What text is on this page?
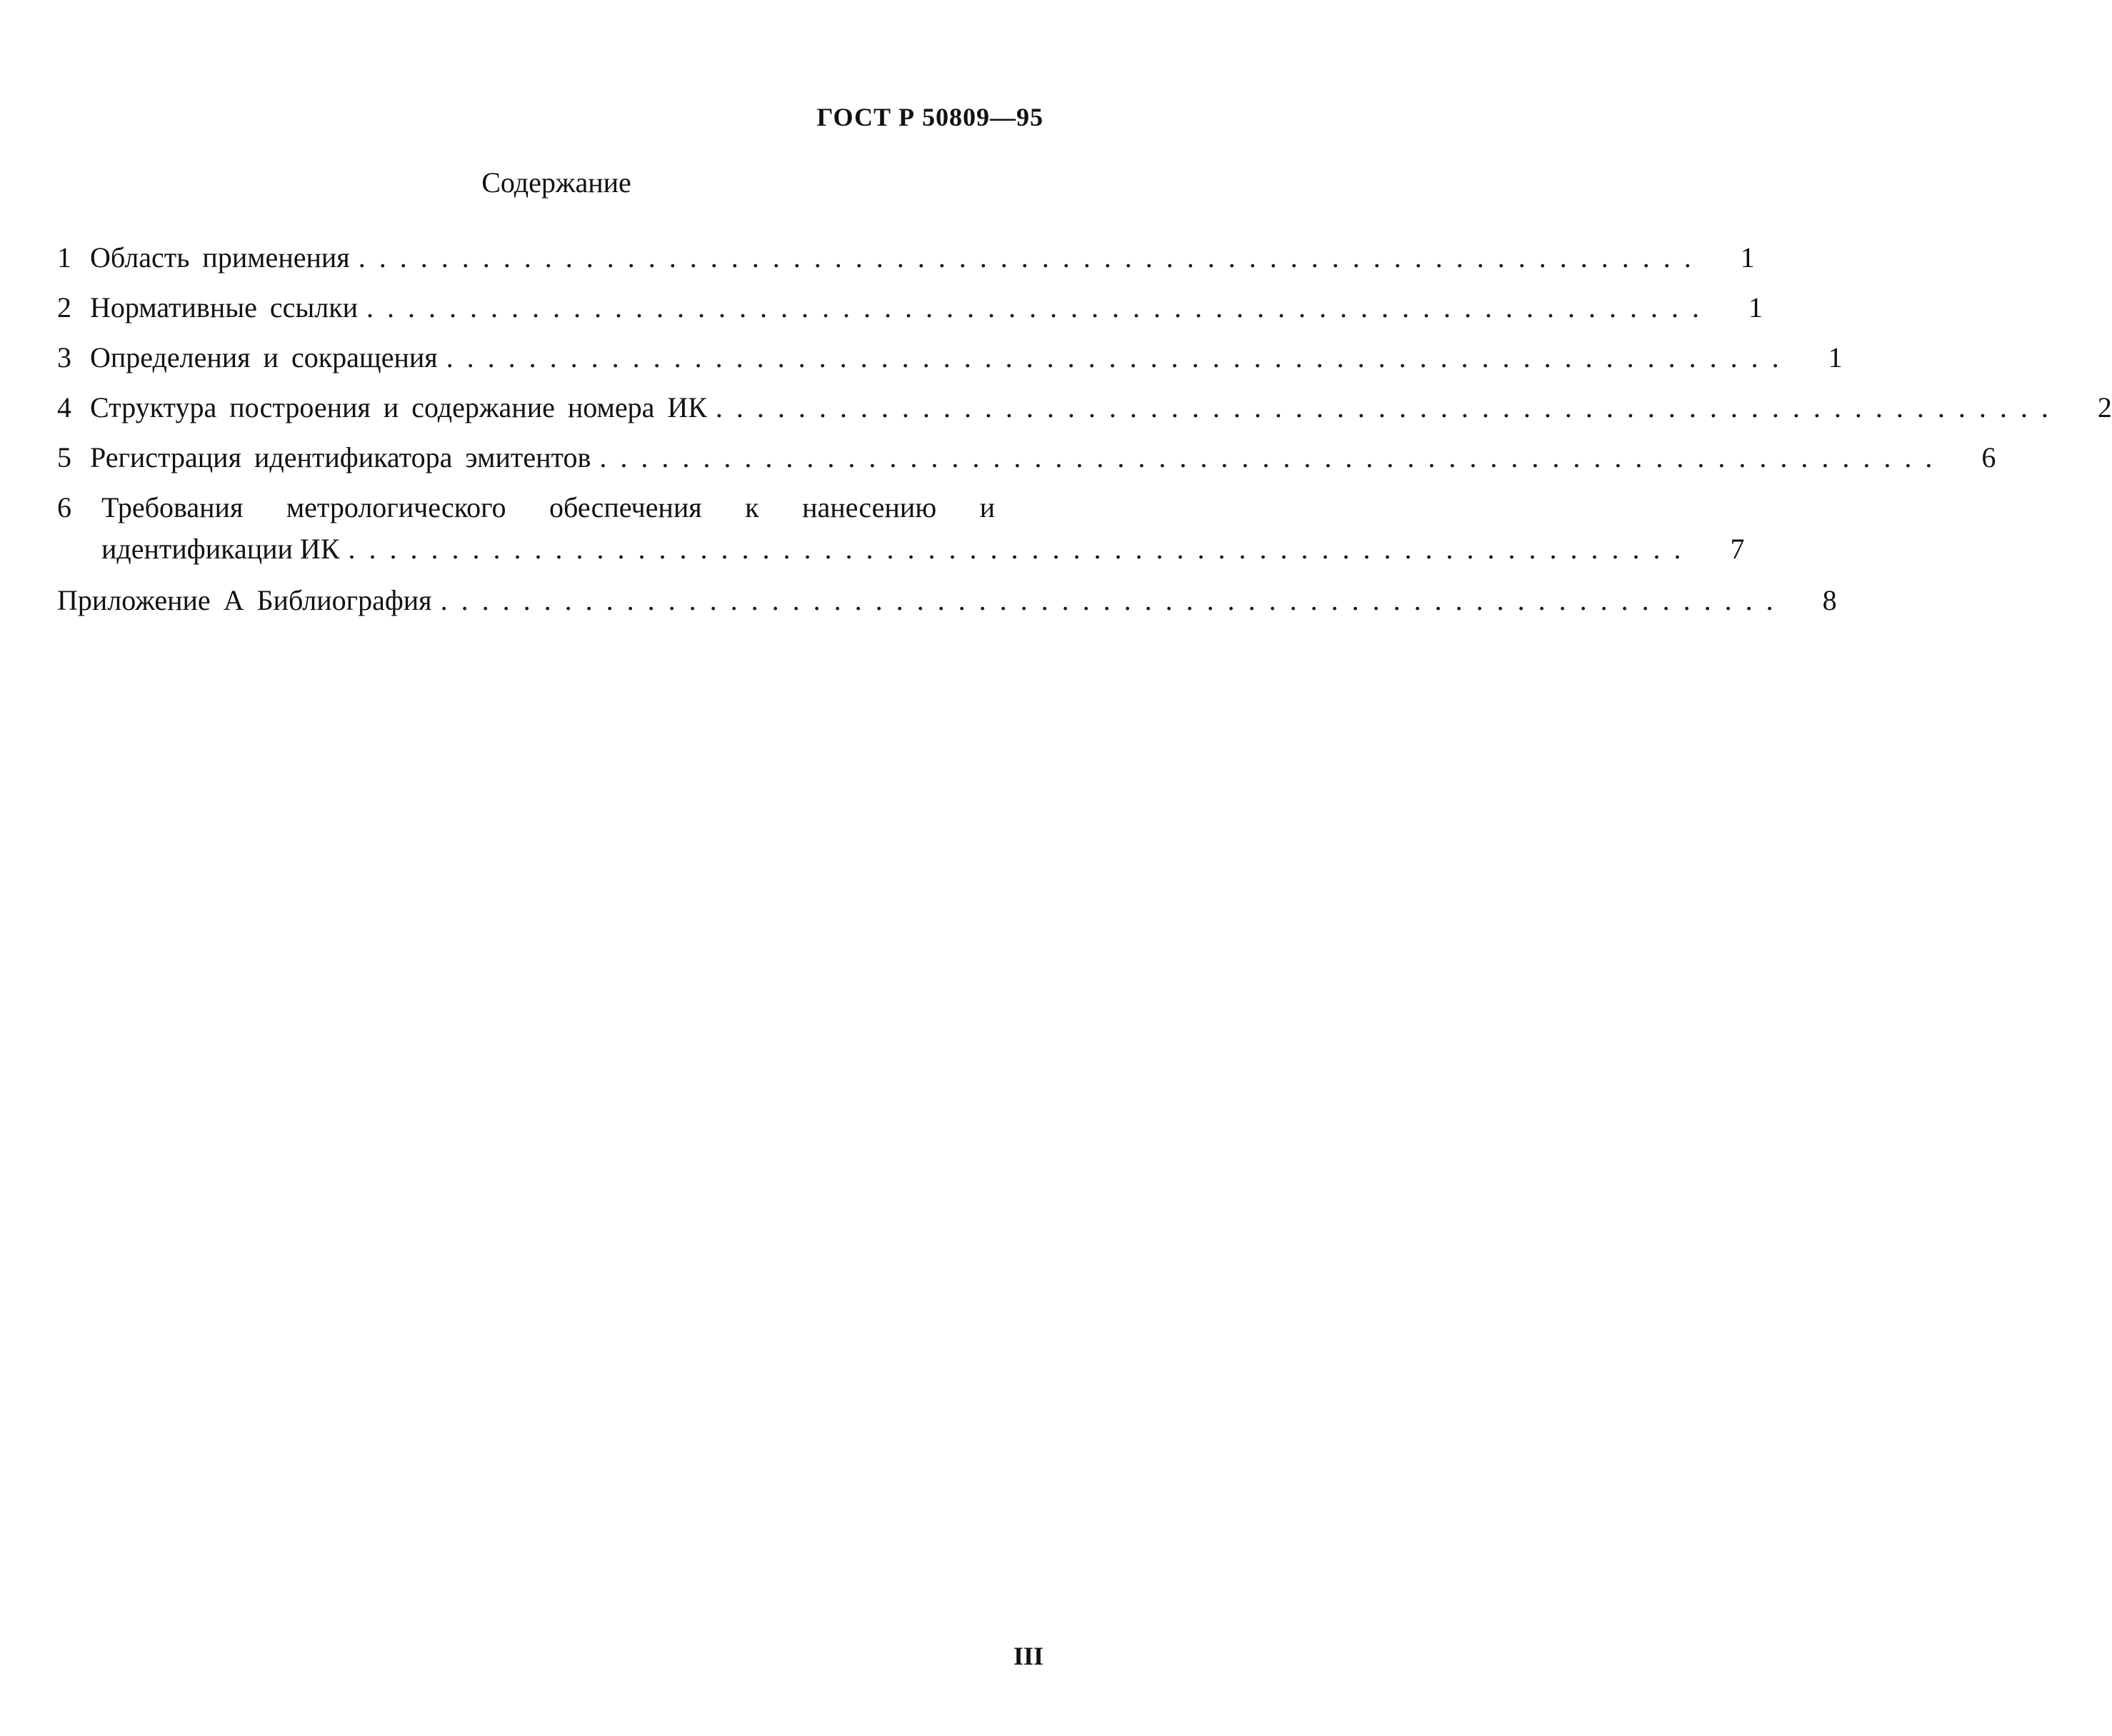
ГОСТ Р 50809—95
Содержание
1 Область применения ................................................................. 1
2 Нормативные ссылки ................................................................. 1
3 Определения и сокращения ................................................................. 1
4 Структура построения и содержание номера ИК ................................................................. 2
5 Регистрация идентификатора эмитентов ................................................................. 6
6	Требования метрологического обеспечения к нанесению и
идентификации ИК ................................................................. 7
Приложение А Библиография ................................................................. 8
III
